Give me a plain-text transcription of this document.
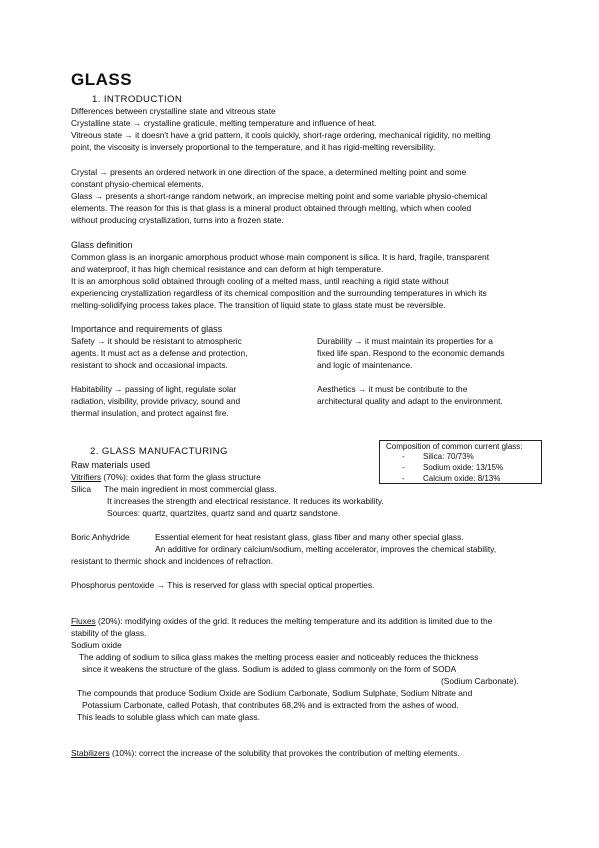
GLASS
1. INTRODUCTION
Differences between crystalline state and vitreous state
Crystalline state → crystalline graticule, melting temperature and influence of heat.
Vitreous state → it doesn't have a grid pattern, it cools quickly, short-rage ordering, mechanical rigidity, no melting
point, the viscosity is inversely proportional to the temperature, and it has rigid-melting reversibility.
Crystal → presents an ordered network in one direction of the space, a determined melting point and some
constant physio-chemical elements.
Glass → presents a short-range random network, an imprecise melting point and some variable physio-chemical
elements. The reason for this is that glass is a mineral product obtained through melting, which when cooled
without producing crystallization, turns into a frozen state.
Glass definition
Common glass is an inorganic amorphous product whose main component is silica. It is hard, fragile, transparent
and waterproof, it has high chemical resistance and can deform at high temperature.
It is an amorphous solid obtained through cooling of a melted mass, until reaching a rigid state without
experiencing crystallization regardless of its chemical composition and the surrounding temperatures in which its
melting-solidifying process takes place. The transition of liquid state to glass state must be reversible.
Importance and requirements of glass
Safety → it should be resistant to atmospheric
agents. It must act as a defense and protection,
resistant to shock and occasional impacts.
Durability → it must maintain its properties for a
fixed life span. Respond to the economic demands
and logic of maintenance.
Habitability → passing of light, regulate solar
radiation, visibility, provide privacy, sound and
thermal insulation, and protect against fire.
Aesthetics → it must be contribute to the
architectural quality and adapt to the environment.
Composition of common current glass:
- Silica: 70/73%
- Sodium oxide: 13/15%
- Calcium oxide: 8/13%
2. GLASS MANUFACTURING
Raw materials used
Vitrifiers (70%): oxides that form the glass structure
Silica The main ingredient in most commercial glass.
It increases the strength and electrical resistance. It reduces its workability.
Sources: quartz, quartzites, quartz sand and quartz sandstone.
Boric Anhydride	Essential element for heat resistant glass, glass fiber and many other special glass.
An additive for ordinary calcium/sodium, melting accelerator, improves the chemical stability,
resistant to thermic shock and incidences of refraction.
Phosphorus pentoxide → This is reserved for glass with special optical properties.
Fluxes (20%): modifying oxides of the grid. It reduces the melting temperature and its addition is limited due to the
stability of the glass.
Sodium oxide
The adding of sodium to silica glass makes the melting process easier and noticeably reduces the thickness
since it weakens the structure of the glass. Sodium is added to glass commonly on the form of SODA
(Sodium Carbonate).
The compounds that produce Sodium Oxide are Sodium Carbonate, Sodium Sulphate, Sodium Nitrate and
Potassium Carbonate, called Potash, that contributes 68,2% and is extracted from the ashes of wood.
This leads to soluble glass which can mate glass.
Stabilizers (10%): correct the increase of the solubility that provokes the contribution of melting elements.
